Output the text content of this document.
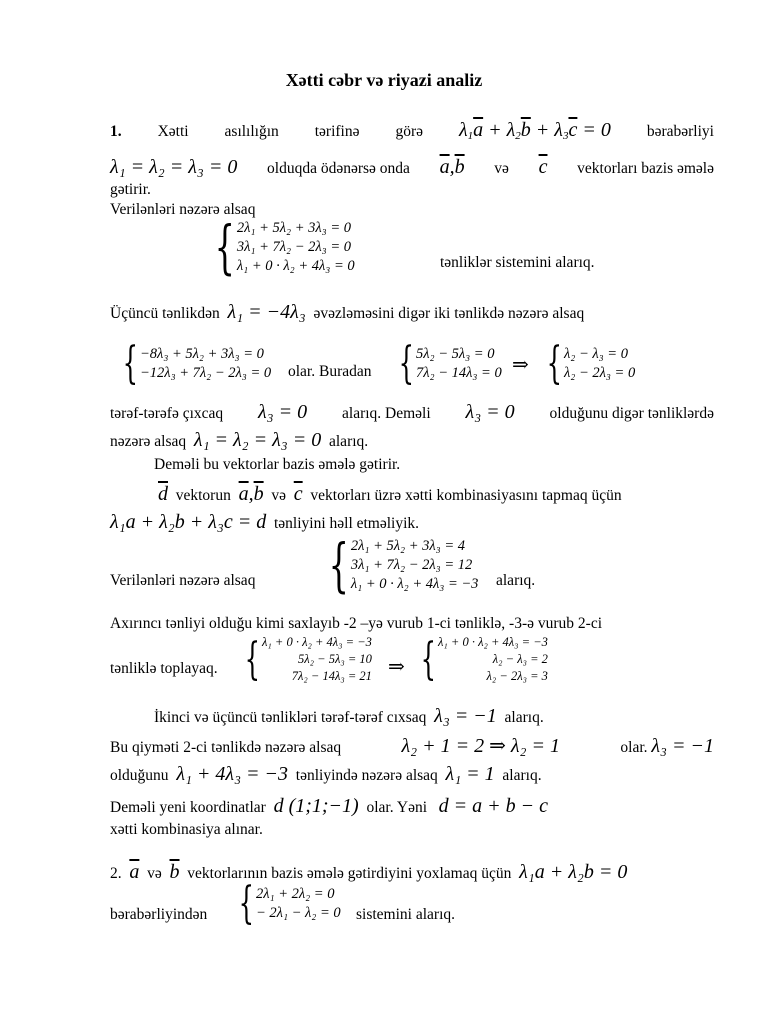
Xətti cəbr və riyazi analiz
1. Xətti asılılığın tərifinə görə $\lambda_1\overline{a} + \lambda_2\overline{b} + \lambda_3\overline{c} = 0$ bərabərliyi
λ₁ = λ₂ = λ₃ = 0 olduqda ödənərsə onda $\overline{a},\overline{b}$ və $\overline{c}$ vektorları bazis əmələ
gətirir.
Verilənləri nəzərə alsaq
{ 2λ₁ + 5λ₂ + 3λ₃ = 0
3λ₁ + 7λ₂ − 2λ₃ = 0
λ₁ + 0 · λ₂ + 4λ₃ = 0	tənliklər sistemini alarıq.
Üçüncü tənlikdən λ₁ = −4λ₃ əvəzləməsini digər iki tənlikdə nəzərə alsaq
{ −8λ₃ + 5λ₂ + 3λ₃ = 0
−12λ₃ + 7λ₂ − 2λ₃ = 0 olar. Buradan { 5λ₂ − 5λ₃ = 0
7λ₂ − 14λ₃ = 0 ⇒ { λ₂ − λ₃ = 0
λ₂ − 2λ₃ = 0
tərəf-tərəfə çıxcaq λ₃ = 0 alarıq. Deməli λ₃ = 0 olduğunu digər tənliklərdə
nəzərə alsaq λ₁ = λ₂ = λ₃ = 0 alarıq.
Deməli bu vektorlar bazis əmələ gətirir.
$\overline{d}$ vektorun $\overline{a},\overline{b}$ və $\overline{c}$ vektorları üzrə xətti kombinasiyasını tapmaq üçün
λ₁a + λ₂b + λ₃c = d tənliyini həll etməliyik.
Verilənləri nəzərə alsaq { 2λ₁ + 5λ₂ + 3λ₃ = 4
3λ₁ + 7λ₂ − 2λ₃ = 12
λ₁ + 0 · λ₂ + 4λ₃ = −3 alarıq.
Axırıncı tənliyi olduğu kimi saxlayıb -2 –yə vurub 1-ci tənliklə, -3-ə vurub 2-ci
tənliklə toplayaq. { λ₁ + 0 · λ₂ + 4λ₃ = −3
5λ₂ − 5λ₃ = 10
7λ₂ − 14λ₃ = 21 ⇒ { λ₁ + 0 · λ₂ + 4λ₃ = −3
λ₂ − λ₃ = 2
λ₂ − 2λ₃ = 3
İkinci və üçüncü tənlikləri tərəf-tərəf cıxsaq λ₃ = −1 alarıq.
Bu qiyməti 2-ci tənlikdə nəzərə alsaq	λ₂ + 1 = 2 ⇒ λ₂ = 1	olar. λ₃ = −1
olduğunu λ₁ + 4λ₃ = −3 tənliyində nəzərə alsaq λ₁ = 1 alarıq.
Deməli yeni koordinatlar d (1;1;−1) olar. Yəni d = a + b − c
xətti kombinasiya alınar.
2. $\overline{a}$ və $\overline{b}$ vektorlarının bazis əmələ gətirdiyini yoxlamaq üçün λ₁a + λ₂b = 0
bərabərliyindən { 2λ₁ + 2λ₂ = 0
− 2λ₁ − λ₂ = 0 sistemini alarıq.
